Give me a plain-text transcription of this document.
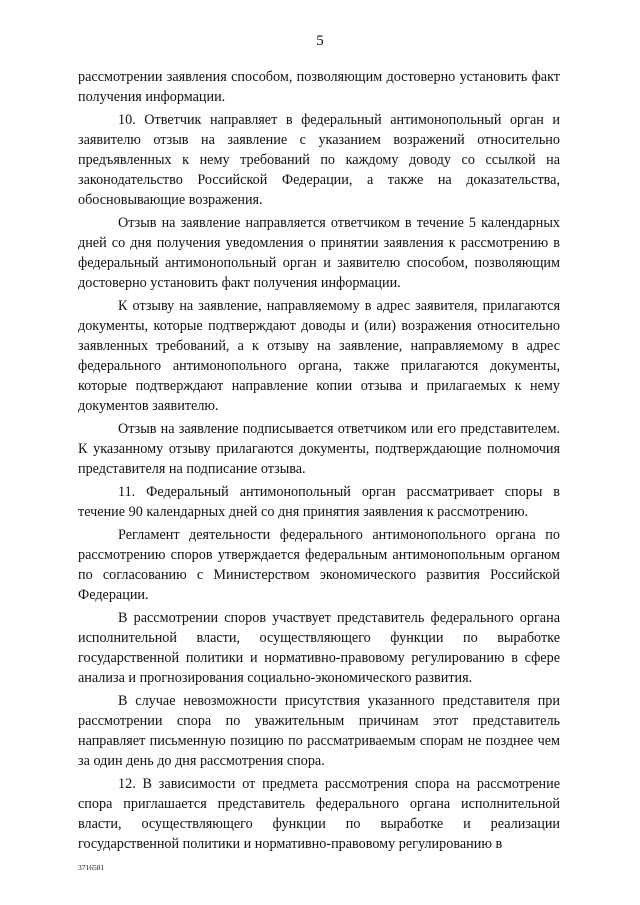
5

рассмотрении заявления способом, позволяющим достоверно установить факт получения информации.

10. Ответчик направляет в федеральный антимонопольный орган и заявителю отзыв на заявление с указанием возражений относительно предъявленных к нему требований по каждому доводу со ссылкой на законодательство Российской Федерации, а также на доказательства, обосновывающие возражения.

Отзыв на заявление направляется ответчиком в течение 5 календарных дней со дня получения уведомления о принятии заявления к рассмотрению в федеральный антимонопольный орган и заявителю способом, позволяющим достоверно установить факт получения информации.

К отзыву на заявление, направляемому в адрес заявителя, прилагаются документы, которые подтверждают доводы и (или) возражения относительно заявленных требований, а к отзыву на заявление, направляемому в адрес федерального антимонопольного органа, также прилагаются документы, которые подтверждают направление копии отзыва и прилагаемых к нему документов заявителю.

Отзыв на заявление подписывается ответчиком или его представителем. К указанному отзыву прилагаются документы, подтверждающие полномочия представителя на подписание отзыва.

11. Федеральный антимонопольный орган рассматривает споры в течение 90 календарных дней со дня принятия заявления к рассмотрению.

Регламент деятельности федерального антимонопольного органа по рассмотрению споров утверждается федеральным антимонопольным органом по согласованию с Министерством экономического развития Российской Федерации.

В рассмотрении споров участвует представитель федерального органа исполнительной власти, осуществляющего функции по выработке государственной политики и нормативно-правовому регулированию в сфере анализа и прогнозирования социально-экономического развития.

В случае невозможности присутствия указанного представителя при рассмотрении спора по уважительным причинам этот представитель направляет письменную позицию по рассматриваемым спорам не позднее чем за один день до дня рассмотрения спора.

12. В зависимости от предмета рассмотрения спора на рассмотрение спора приглашается представитель федерального органа исполнительной власти, осуществляющего функции по выработке и реализации государственной политики и нормативно-правовому регулированию в

3716581
